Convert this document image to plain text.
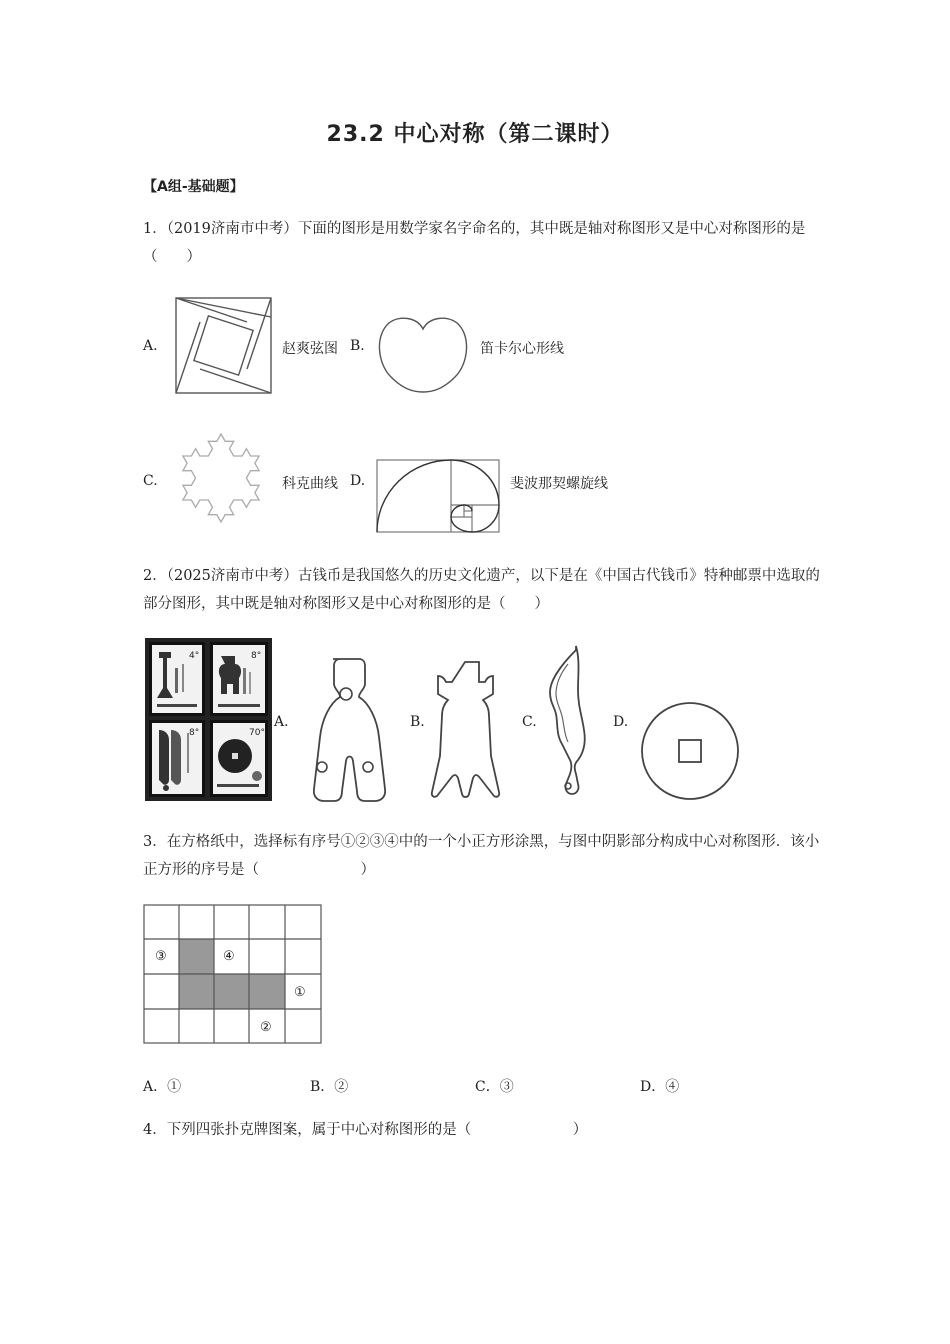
23.2 中心对称（第二课时）
【A组-基础题】
1．（2019济南市中考）下面的图形是用数学家名字命名的，其中既是轴对称图形又是中心对称图形的是（　　）
A.	赵爽弦图 B.	笛卡尔心形线
C.	科克曲线 D.	斐波那契螺旋线
2．（2025济南市中考）古钱币是我国悠久的历史文化遗产，以下是在《中国古代钱币》特种邮票中选取的部分图形，其中既是轴对称图形又是中心对称图形的是（　　）
4°	8°
8°	70°
A.	B.	C.	D.
3．在方格纸中，选择标有序号①②③④中的一个小正方形涂黑，与图中阴影部分构成中心对称图形．该小正方形的序号是（　　　　　　　）
③	④
①
②
A．①	B．②	C．③	D．④
4．下列四张扑克牌图案，属于中心对称图形的是（　　　　　　　）
